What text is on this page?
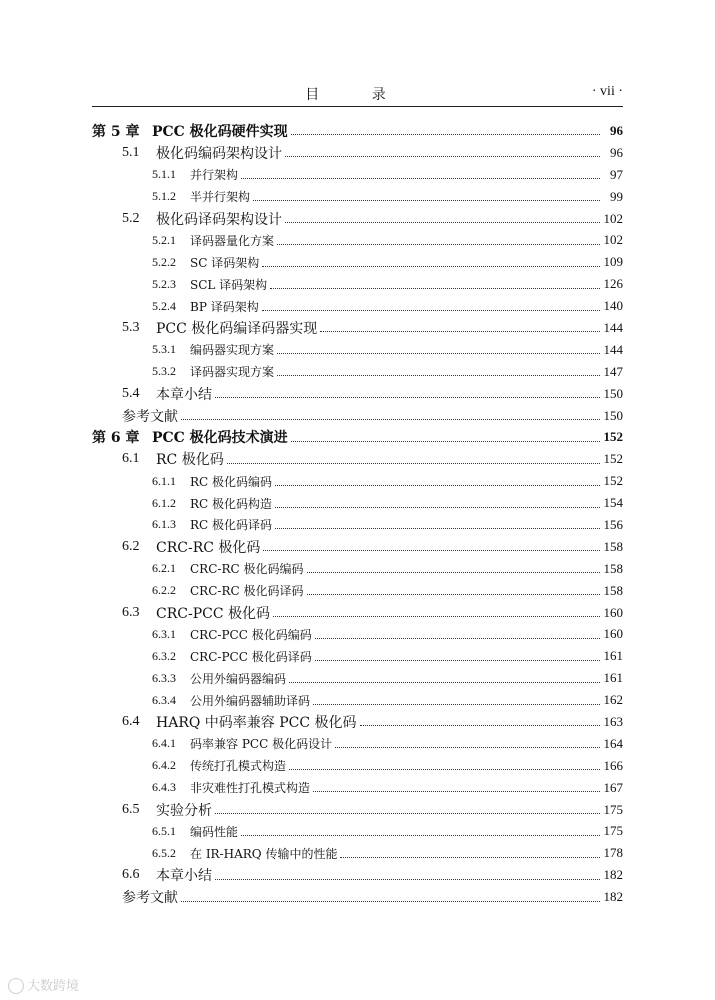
目 录	· vii ·
第 5 章 PCC 极化码硬件实现	96
5.1	极化码编码架构设计	96
5.1.1	并行架构	97
5.1.2	半并行架构	99
5.2	极化码译码架构设计	102
5.2.1	译码器量化方案	102
5.2.2	SC 译码架构	109
5.2.3	SCL 译码架构	126
5.2.4	BP 译码架构	140
5.3	PCC 极化码编译码器实现	144
5.3.1	编码器实现方案	144
5.3.2	译码器实现方案	147
5.4	本章小结	150
参考文献	150
第 6 章 PCC 极化码技术演进	152
6.1	RC 极化码	152
6.1.1	RC 极化码编码	152
6.1.2	RC 极化码构造	154
6.1.3	RC 极化码译码	156
6.2	CRC-RC 极化码	158
6.2.1	CRC-RC 极化码编码	158
6.2.2	CRC-RC 极化码译码	158
6.3	CRC-PCC 极化码	160
6.3.1	CRC-PCC 极化码编码	160
6.3.2	CRC-PCC 极化码译码	161
6.3.3	公用外编码器编码	161
6.3.4	公用外编码器辅助译码	162
6.4	HARQ 中码率兼容 PCC 极化码	163
6.4.1	码率兼容 PCC 极化码设计	164
6.4.2	传统打孔模式构造	166
6.4.3	非灾难性打孔模式构造	167
6.5	实验分析	175
6.5.1	编码性能	175
6.5.2	在 IR-HARQ 传输中的性能	178
6.6	本章小结	182
参考文献	182
大数跨境
